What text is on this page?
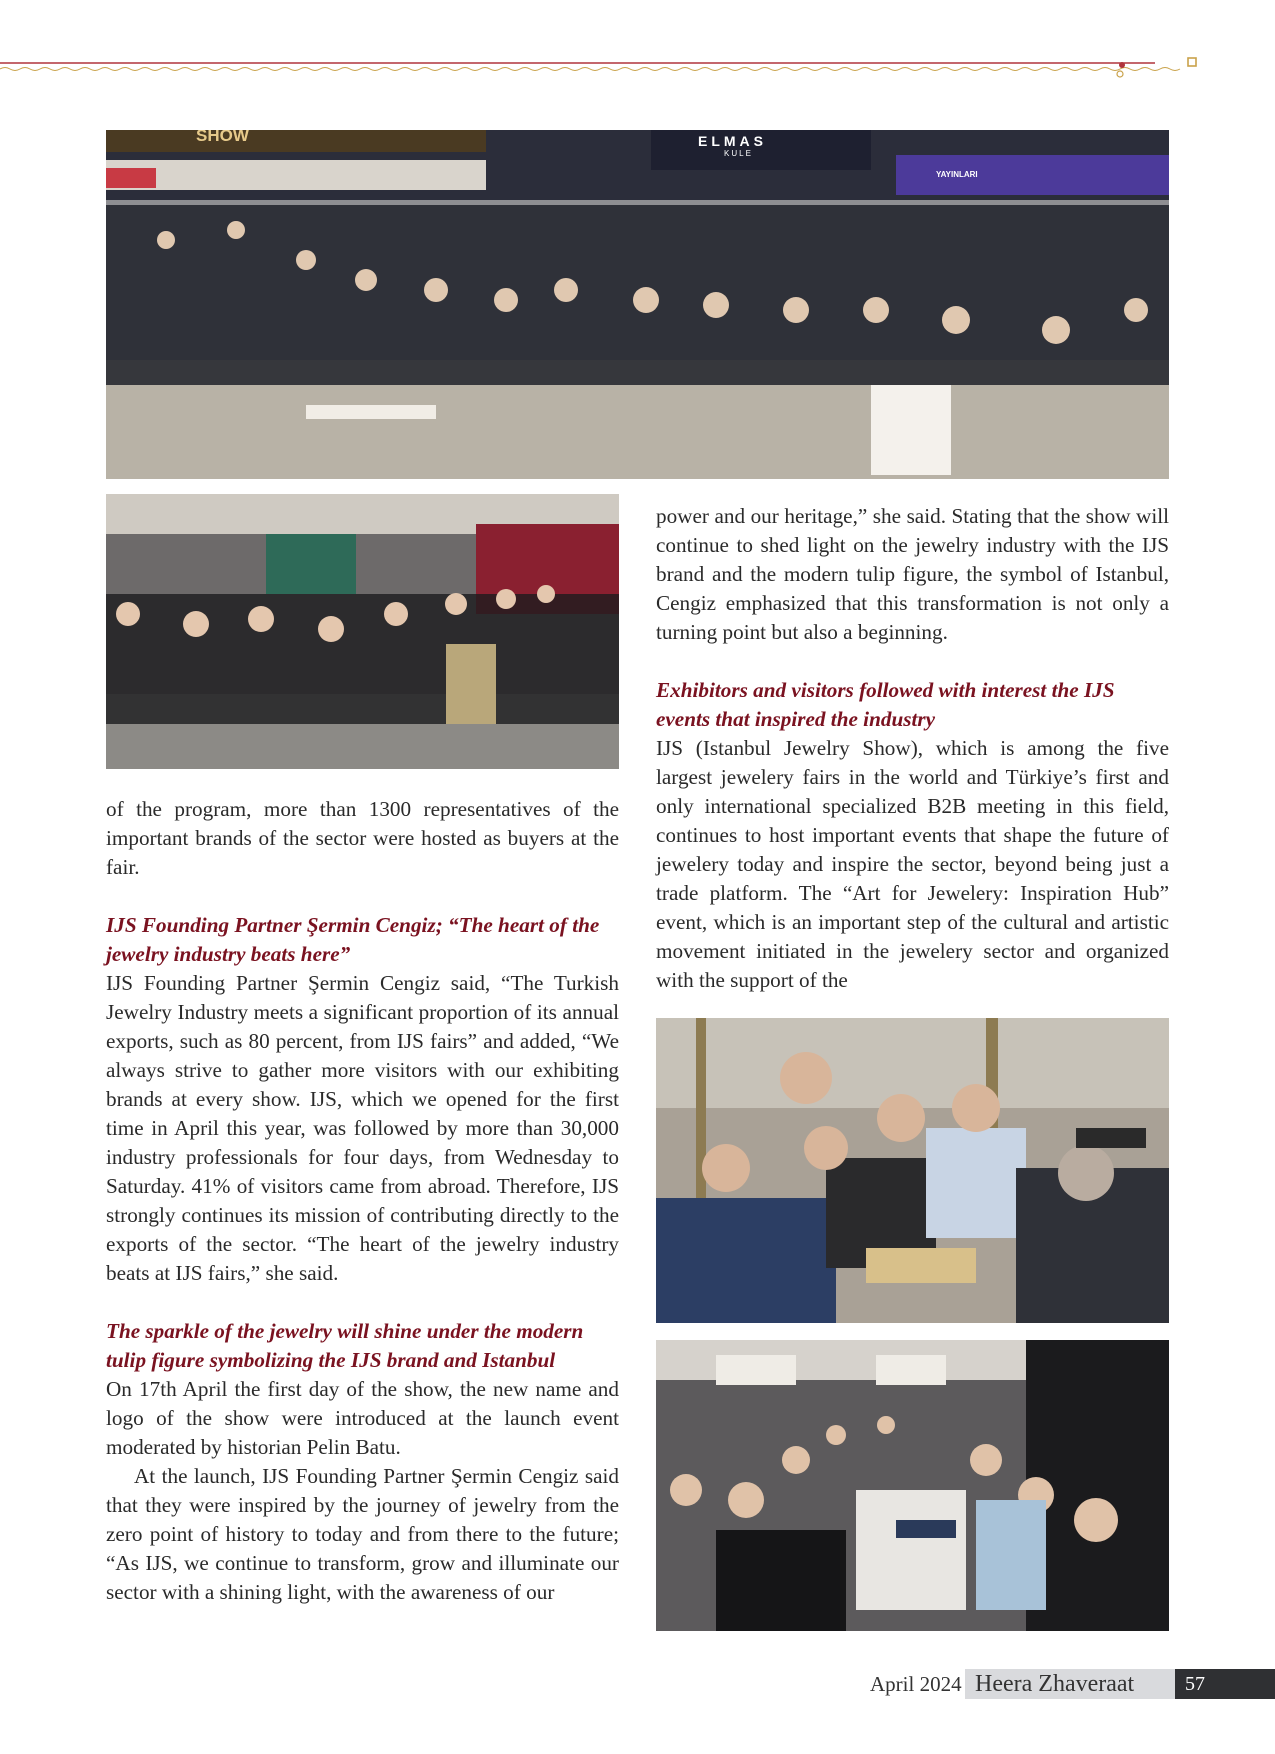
SHOW	ELMAS
KULE
YAYINLARI

of the program, more than 1300 representatives of the important brands of the sector were hosted as buyers at the fair.

IJS Founding Partner Şermin Cengiz; “The heart of the jewelry industry beats here”

IJS Founding Partner Şermin Cengiz said, “The Turkish Jewelry Industry meets a significant proportion of its annual exports, such as 80 percent, from IJS fairs” and added, “We always strive to gather more visitors with our exhibiting brands at every show. IJS, which we opened for the first time in April this year, was followed by more than 30,000 industry professionals for four days, from Wednesday to Saturday. 41% of visitors came from abroad. Therefore, IJS strongly continues its mission of contributing directly to the exports of the sector. “The heart of the jewelry industry beats at IJS fairs,” she said.

The sparkle of the jewelry will shine under the modern tulip figure symbolizing the IJS brand and Istanbul

On 17th April the first day of the show, the new name and logo of the show were introduced at the launch event moderated by historian Pelin Batu.

At the launch, IJS Founding Partner Şermin Cengiz said that they were inspired by the journey of jewelry from the zero point of history to today and from there to the future; “As IJS, we continue to transform, grow and illuminate our sector with a shining light, with the awareness of our

power and our heritage,” she said. Stating that the show will continue to shed light on the jewelry industry with the IJS brand and the modern tulip figure, the symbol of Istanbul, Cengiz emphasized that this transformation is not only a turning point but also a beginning.

Exhibitors and visitors followed with interest the IJS events that inspired the industry

IJS (Istanbul Jewelry Show), which is among the five largest jewelery fairs in the world and Türkiye’s first and only international specialized B2B meeting in this field, continues to host important events that shape the future of jewelery today and inspire the sector, beyond being just a trade platform. The “Art for Jewelery: Inspiration Hub” event, which is an important step of the cultural and artistic movement initiated in the jewelery sector and organized with the support of the

April 2024 Heera Zhaveraat	57
